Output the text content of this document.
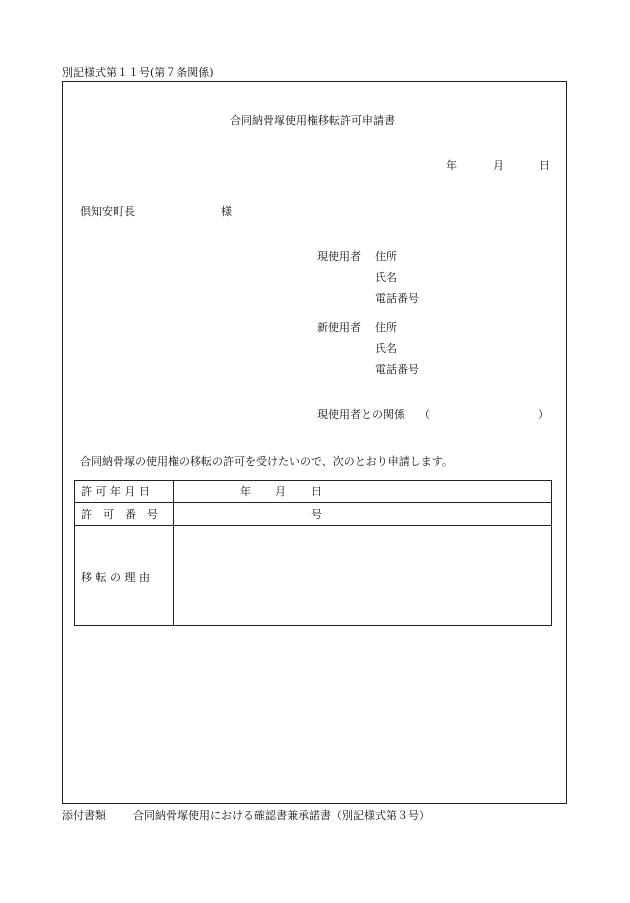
別記様式第１１号(第７条関係)
合同納骨塚使用権移転許可申請書
年	月	日
倶知安町長	様
現使用者 住所
氏名
電話番号
新使用者 住所
氏名
電話番号
現使用者との関係 （	）
合同納骨塚の使用権の移転の許可を受けたいので、次のとおり申請します。
許 可 年 月 日	年 月 日
許　可　番　号	号
移 転 の 理 由
添付書類 合同納骨塚使用における確認書兼承諾書（別記様式第３号）
